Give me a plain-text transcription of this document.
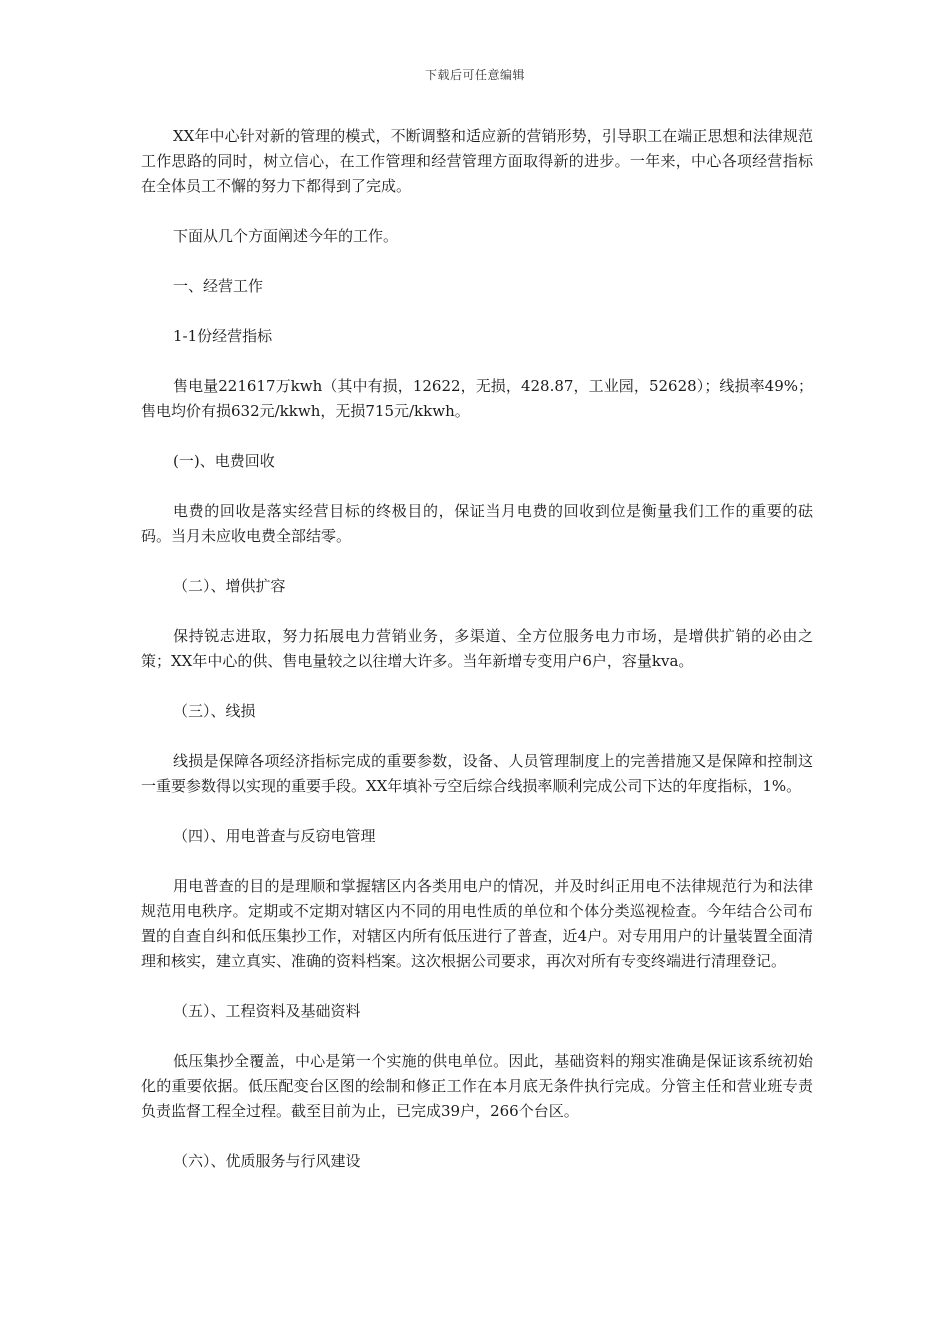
下载后可任意编辑

XX年中心针对新的管理的模式，不断调整和适应新的营销形势，引导职工在端正思想和法律规范工作思路的同时，树立信心，在工作管理和经营管理方面取得新的进步。一年来，中心各项经营指标在全体员工不懈的努力下都得到了完成。

下面从几个方面阐述今年的工作。

一、经营工作

1-1份经营指标

售电量221617万kwh（其中有损，12622，无损，428.87，工业园，52628）；线损率49%；售电均价有损632元/kkwh，无损715元/kkwh。

(一)、电费回收

电费的回收是落实经营目标的终极目的，保证当月电费的回收到位是衡量我们工作的重要的砝码。当月未应收电费全部结零。

（二）、增供扩容

保持锐志进取，努力拓展电力营销业务，多渠道、全方位服务电力市场，是增供扩销的必由之策；XX年中心的供、售电量较之以往增大许多。当年新增专变用户6户，容量kva。

（三）、线损

线损是保障各项经济指标完成的重要参数，设备、人员管理制度上的完善措施又是保障和控制这一重要参数得以实现的重要手段。XX年填补亏空后综合线损率顺利完成公司下达的年度指标，1%。

（四）、用电普查与反窃电管理

用电普查的目的是理顺和掌握辖区内各类用电户的情况，并及时纠正用电不法律规范行为和法律规范用电秩序。定期或不定期对辖区内不同的用电性质的单位和个体分类巡视检查。今年结合公司布置的自查自纠和低压集抄工作，对辖区内所有低压进行了普查，近4户。对专用用户的计量装置全面清理和核实，建立真实、准确的资料档案。这次根据公司要求，再次对所有专变终端进行清理登记。

（五）、工程资料及基础资料

低压集抄全覆盖，中心是第一个实施的供电单位。因此，基础资料的翔实准确是保证该系统初始化的重要依据。低压配变台区图的绘制和修正工作在本月底无条件执行完成。分管主任和营业班专责负责监督工程全过程。截至目前为止，已完成39户，266个台区。

（六）、优质服务与行风建设
